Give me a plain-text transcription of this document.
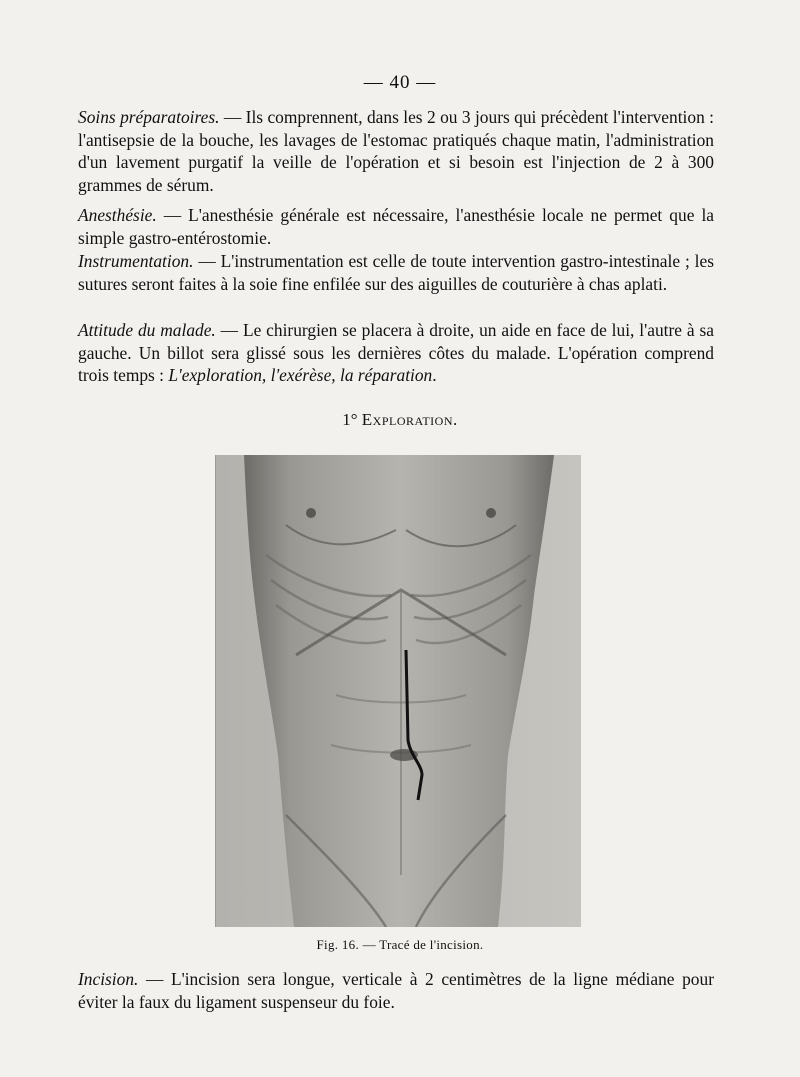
— 40 —

Soins préparatoires. — Ils comprennent, dans les 2 ou 3 jours qui précèdent l'intervention : l'antisepsie de la bouche, les lavages de l'estomac pratiqués chaque matin, l'administration d'un lavement purgatif la veille de l'opération et si besoin est l'injection de 2 à 300 grammes de sérum.

Anesthésie. — L'anesthésie générale est nécessaire, l'anesthésie locale ne permet que la simple gastro-entérostomie.

Instrumentation. — L'instrumentation est celle de toute intervention gastro-intestinale ; les sutures seront faites à la soie fine enfilée sur des aiguilles de couturière à chas aplati.

Attitude du malade. — Le chirurgien se placera à droite, un aide en face de lui, l'autre à sa gauche. Un billot sera glissé sous les dernières côtes du malade. L'opération comprend trois temps : L'exploration, l'exérèse, la réparation.

1° Exploration.
Fig. 16. — Tracé de l'incision.

Incision. — L'incision sera longue, verticale à 2 centimètres de la ligne médiane pour éviter la faux du ligament suspenseur du foie.
